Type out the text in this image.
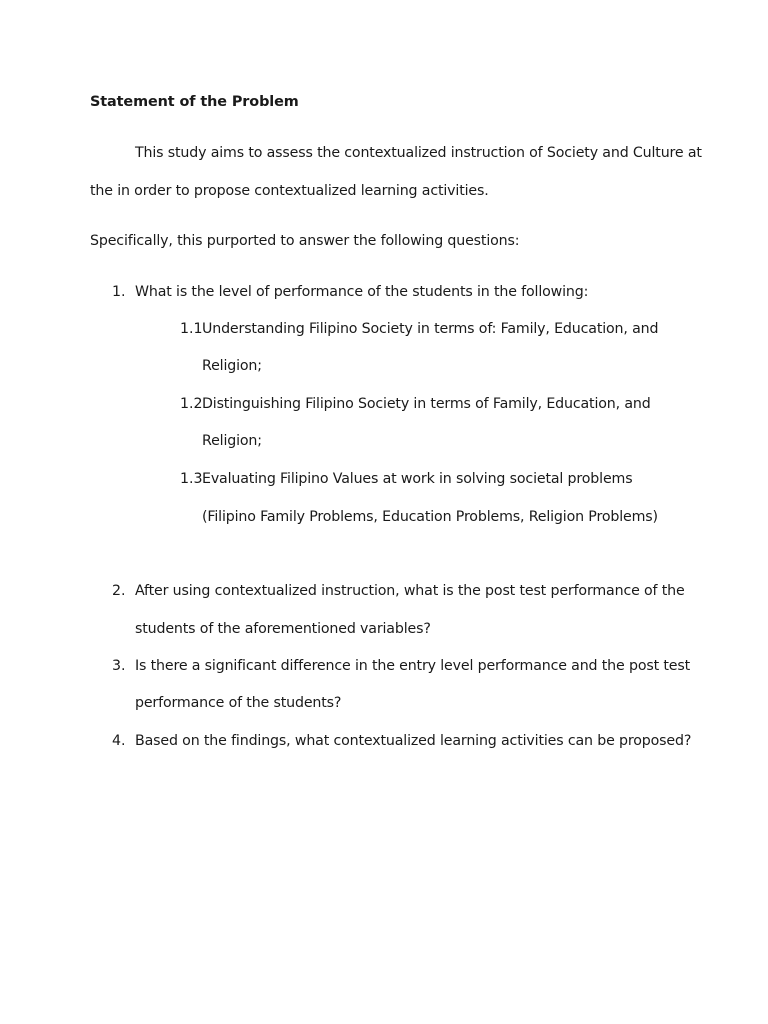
Statement of the Problem
This study aims to assess the contextualized instruction of Society and Culture at
the in order to propose contextualized learning activities.
Specifically, this purported to answer the following questions:
1. What is the level of performance of the students in the following:
1.1 Understanding Filipino Society in terms of: Family, Education, and
Religion;
1.2 Distinguishing Filipino Society in terms of Family, Education, and
Religion;
1.3 Evaluating Filipino Values at work in solving societal problems
(Filipino Family Problems, Education Problems, Religion Problems)
2. After using contextualized instruction, what is the post test performance of the
students of the aforementioned variables?
3. Is there a significant difference in the entry level performance and the post test
performance of the students?
4. Based on the findings, what contextualized learning activities can be proposed?
